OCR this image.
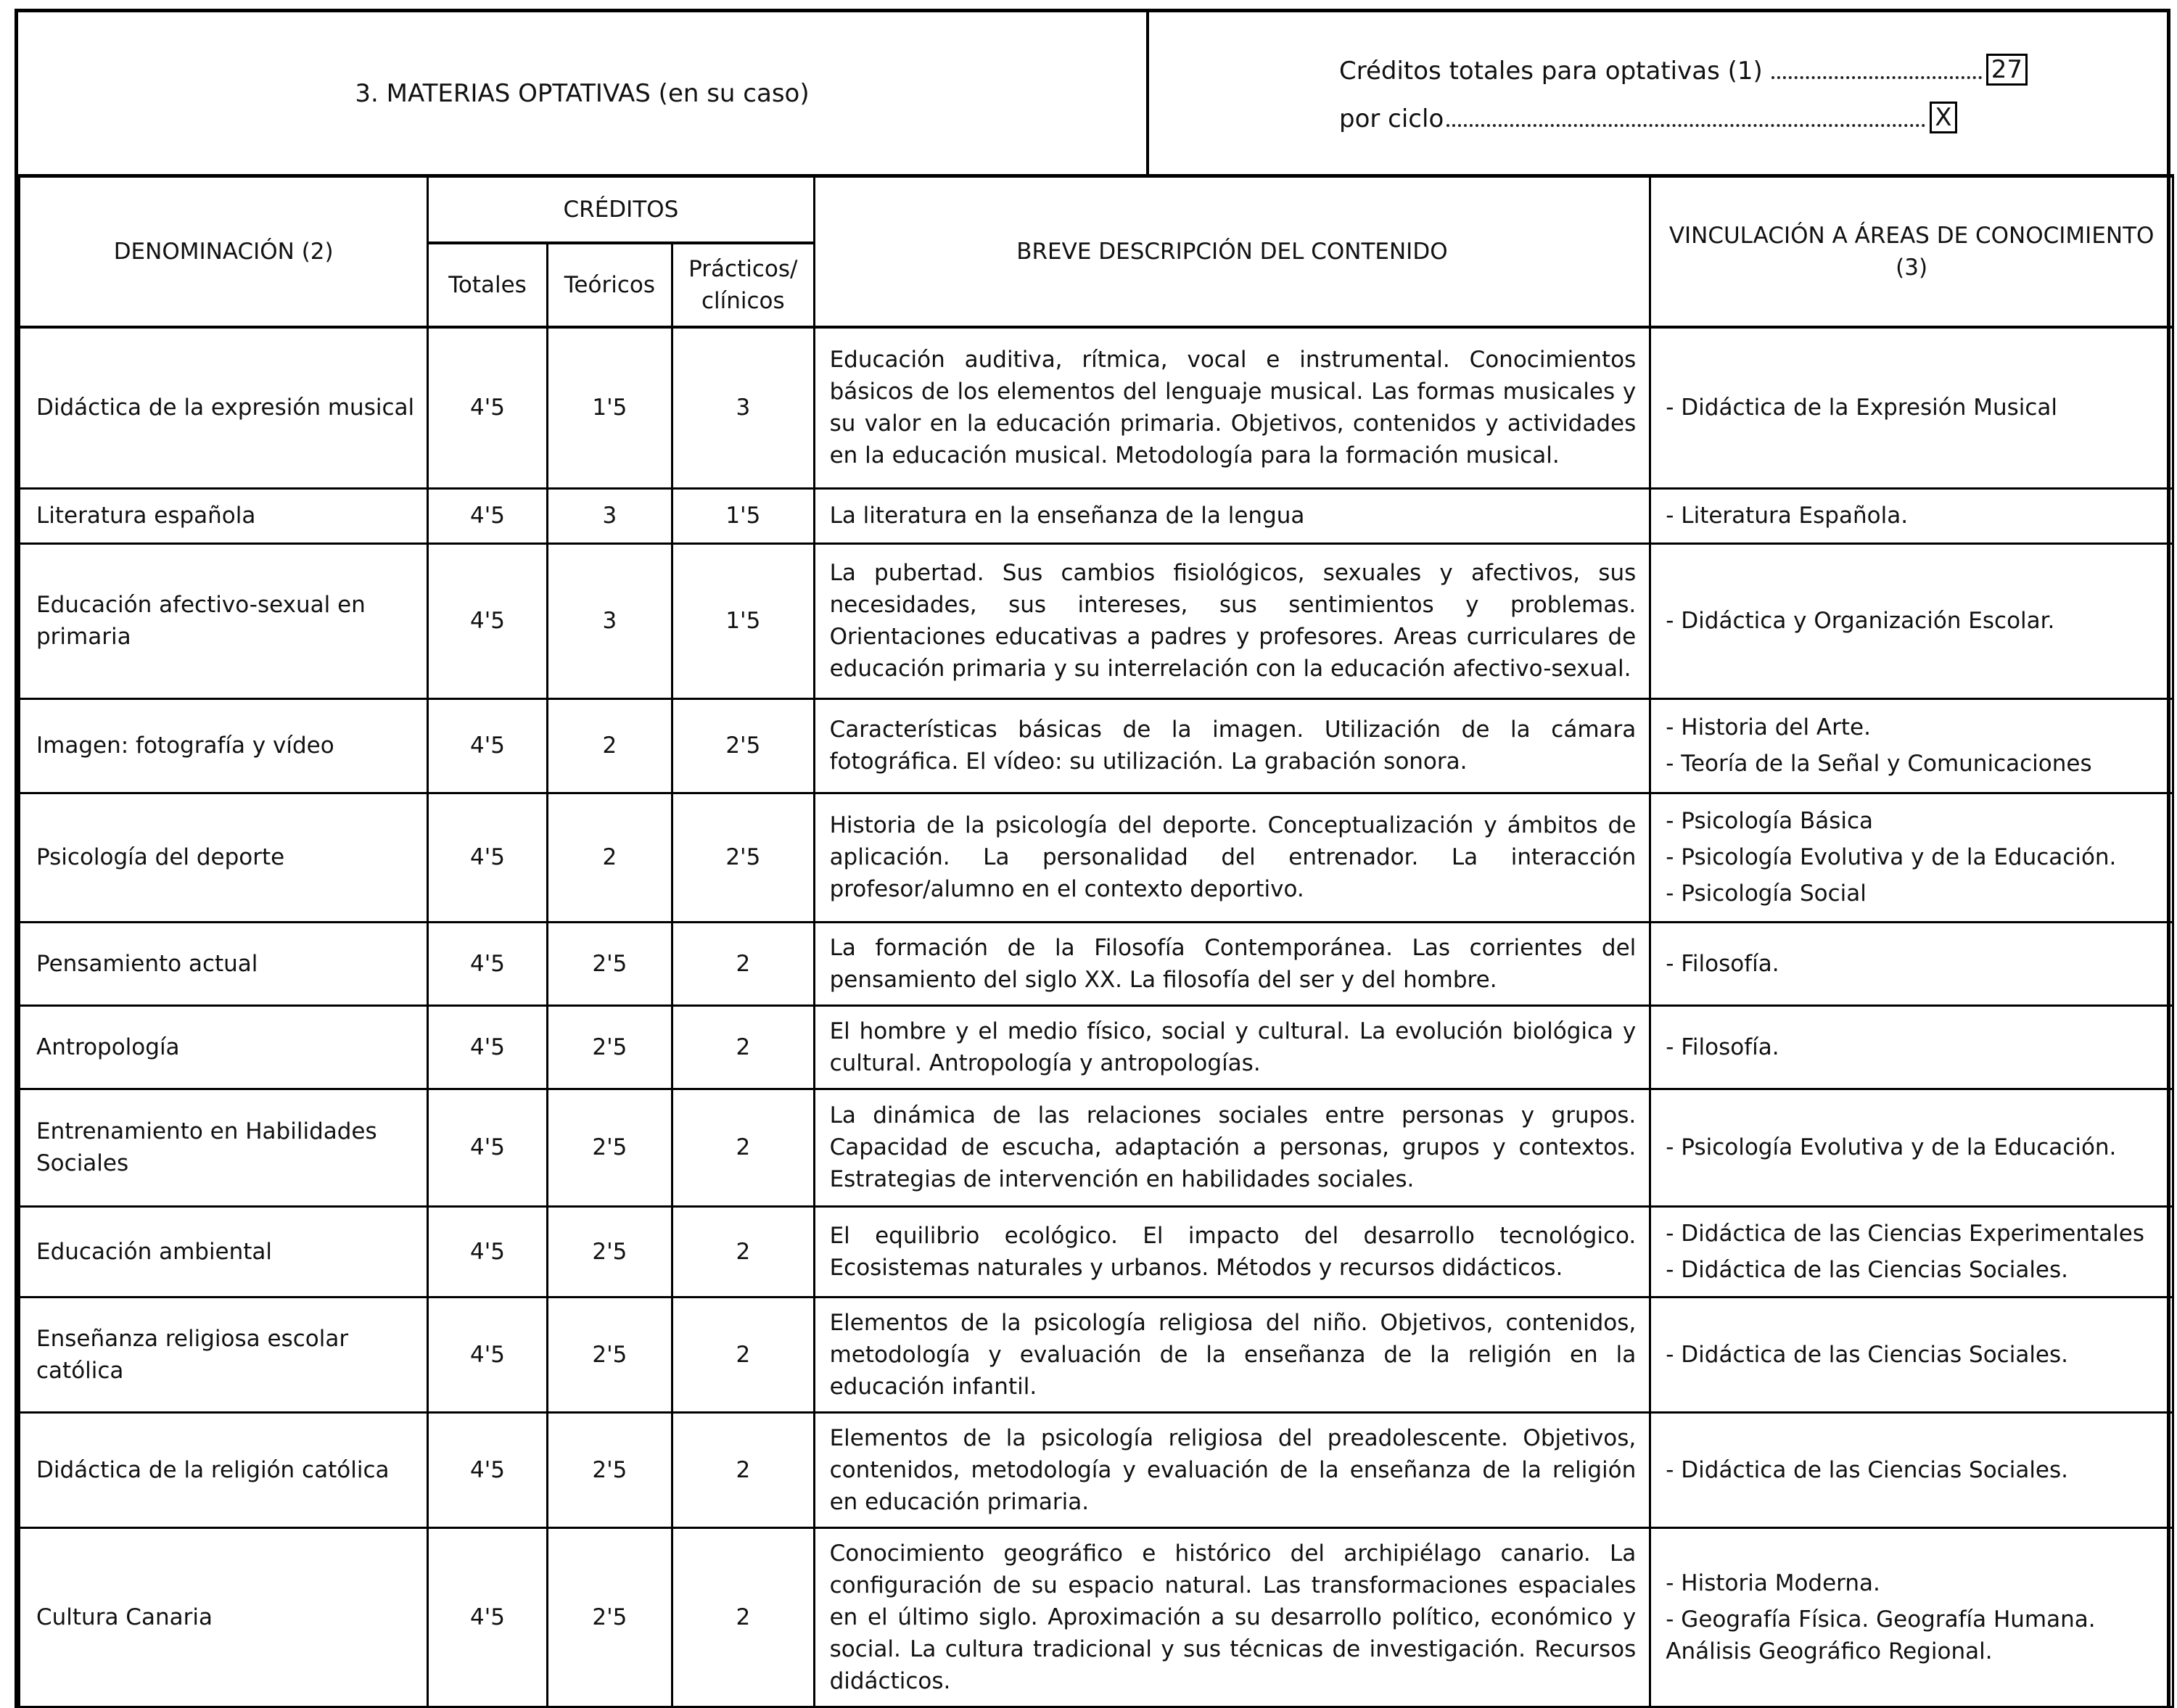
3. MATERIAS OPTATIVAS (en su caso)
Créditos totales para optativas (1)	27
por ciclo	X
DENOMINACIÓN (2)	CRÉDITOS			BREVE DESCRIPCIÓN DEL CONTENIDO	VINCULACIÓN A ÁREAS DE CONOCIMIENTO (3)
	Totales	Teóricos	Prácticos/
clínicos		

Didáctica de la expresión musical	4'5	1'5	3	Educación auditiva, rítmica, vocal e instrumental. Conocimientos básicos de los elementos del lenguaje musical. Las formas musicales y su valor en la educación primaria. Objetivos, contenidos y actividades en la educación musical. Metodología para la formación musical.	- Didáctica de la Expresión Musical

Literatura española	4'5	3	1'5	La literatura en la enseñanza de la lengua	- Literatura Española.

Educación afectivo-sexual en primaria	4'5	3	1'5	La pubertad. Sus cambios fisiológicos, sexuales y afectivos, sus necesidades, sus intereses, sus sentimientos y problemas. Orientaciones educativas a padres y profesores. Areas curriculares de educación primaria y su interrelación con la educación afectivo-sexual.	- Didáctica y Organización Escolar.

Imagen: fotografía y vídeo	4'5	2	2'5	Características básicas de la imagen. Utilización de la cámara fotográfica. El vídeo: su utilización. La grabación sonora.	- Historia del Arte.
- Teoría de la Señal y Comunicaciones

Psicología del deporte	4'5	2	2'5	Historia de la psicología del deporte. Conceptualización y ámbitos de aplicación. La personalidad del entrenador. La interacción profesor/alumno en el contexto deportivo.	- Psicología Básica
- Psicología Evolutiva y de la Educación.
- Psicología Social

Pensamiento actual	4'5	2'5	2	La formación de la Filosofía Contemporánea. Las corrientes del pensamiento del siglo XX. La filosofía del ser y del hombre.	- Filosofía.

Antropología	4'5	2'5	2	El hombre y el medio físico, social y cultural. La evolución biológica y cultural. Antropología y antropologías.	- Filosofía.

Entrenamiento en Habilidades Sociales	4'5	2'5	2	La dinámica de las relaciones sociales entre personas y grupos. Capacidad de escucha, adaptación a personas, grupos y contextos. Estrategias de intervención en habilidades sociales.	- Psicología Evolutiva y de la Educación.

Educación ambiental	4'5	2'5	2	El equilibrio ecológico. El impacto del desarrollo tecnológico. Ecosistemas naturales y urbanos. Métodos y recursos didácticos.	- Didáctica de las Ciencias Experimentales
- Didáctica de las Ciencias Sociales.

Enseñanza religiosa escolar católica	4'5	2'5	2	Elementos de la psicología religiosa del niño. Objetivos, contenidos, metodología y evaluación de la enseñanza de la religión en la educación infantil.	- Didáctica de las Ciencias Sociales.

Didáctica de la religión católica	4'5	2'5	2	Elementos de la psicología religiosa del preadolescente. Objetivos, contenidos, metodología y evaluación de la enseñanza de la religión en educación primaria.	- Didáctica de las Ciencias Sociales.

Cultura Canaria	4'5	2'5	2	Conocimiento geográfico e histórico del archipiélago canario. La configuración de su espacio natural. Las transformaciones espaciales en el último siglo. Aproximación a su desarrollo político, económico y social. La cultura tradicional y sus técnicas de investigación. Recursos didácticos.	- Historia Moderna.
- Geografía Física. Geografía Humana. Análisis Geográfico Regional.
